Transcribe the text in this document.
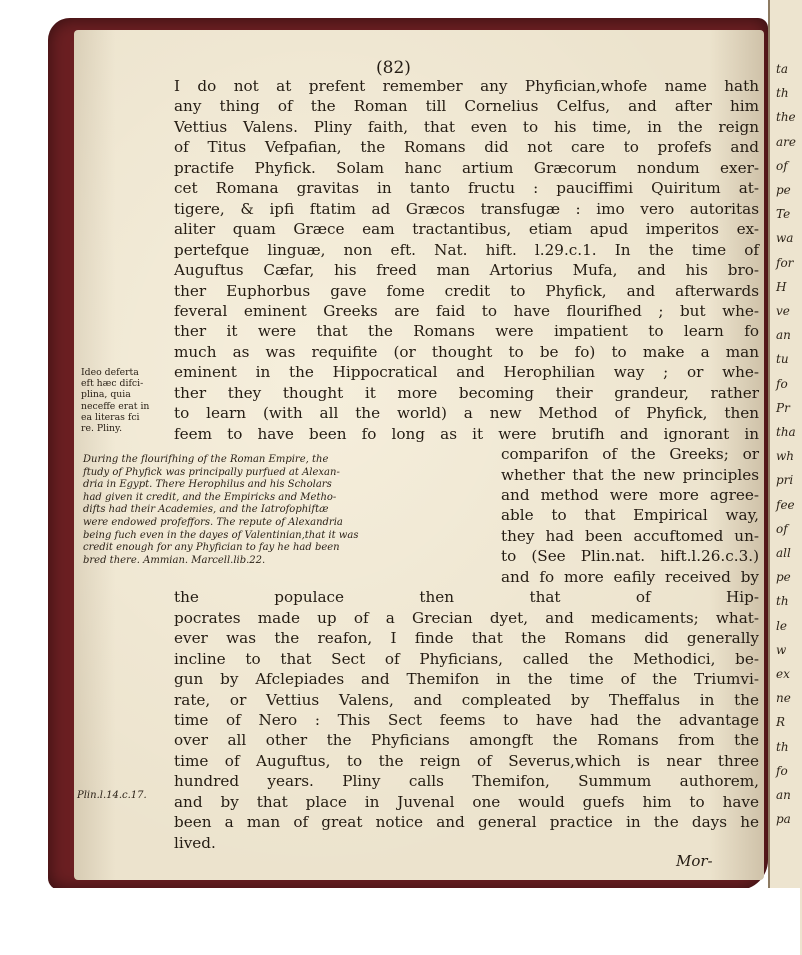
ta
th
the
are
of
pe
Te
wa
for
H
ve
an
tu
fo
Pr
tha
wh
pri
fee
of
all
pe
th
le
w
ex
ne
R
th
fo
an
pa
(82)
I do not at prefent remember any Phyfician,whofe name hath
any thing of the Roman till Cornelius Celfus, and after him
Vettius Valens. Pliny faith, that even to his time, in the reign
of Titus Vefpafian, the Romans did not care to profefs and
practife Phyfick. Solam hanc artium Græcorum nondum exer-
cet Romana gravitas in tanto fructu : pauciffimi Quiritum at-
tigere, & ipfi ftatim ad Græcos transfugæ : imo vero autoritas
aliter quam Græce eam tractantibus, etiam apud imperitos ex-
pertefque linguæ, non eft. Nat. hift. l.29.c.1. In the time of
Auguftus Cæfar, his freed man Artorius Mufa, and his bro-
ther Euphorbus gave fome credit to Phyfick, and afterwards
feveral eminent Greeks are faid to have flourifhed ; but whe-
ther it were that the Romans were impatient to learn fo
much as was requifite (or thought to be fo) to make a man
eminent in the Hippocratical and Herophilian way ; or whe-
ther they thought it more becoming their grandeur, rather
to learn (with all the world) a new Method of Phyfick, then
feem to have been fo long as it were brutifh and ignorant in
comparifon of the Greeks; or
whether that the new principles
and method were more agree-
able to that Empirical way,
they had been accuftomed un-
to (See Plin.nat. hift.l.26.c.3.)
and fo more eafily received by
the populace then that of Hip-
pocrates made up of a Grecian dyet, and medicaments; what-
ever was the reafon, I finde that the Romans did generally
incline to that Sect of Phyficians, called the Methodici, be-
gun by Afclepiades and Themifon in the time of the Triumvi-
rate, or Vettius Valens, and compleated by Theffalus in the
time of Nero : This Sect feems to have had the advantage
over all other the Phyficians amongft the Romans from the
time of Auguftus, to the reign of Severus,which is near three
hundred years. Pliny calls Themifon, Summum authorem,
and by that place in Juvenal one would guefs him to have
been a man of great notice and general practice in the days he
lived.
Ideo deferta
eft hæc difci-
plina, quia
neceffe erat in
ea literas fci
re. Pliny.
During the flourifhing of the Roman Empire, the
ftudy of Phyfick was principally purfued at Alexan-
dria in Egypt. There Herophilus and his Scholars
had given it credit, and the Empiricks and Metho-
difts had their Academies, and the Iatrofophiftæ
were endowed profeffors. The repute of Alexandria
being fuch even in the dayes of Valentinian,that it was
credit enough for any Phyfician to fay he had been
bred there. Ammian. Marcell.lib.22.
Plin.l.14.c.17.
Mor-
